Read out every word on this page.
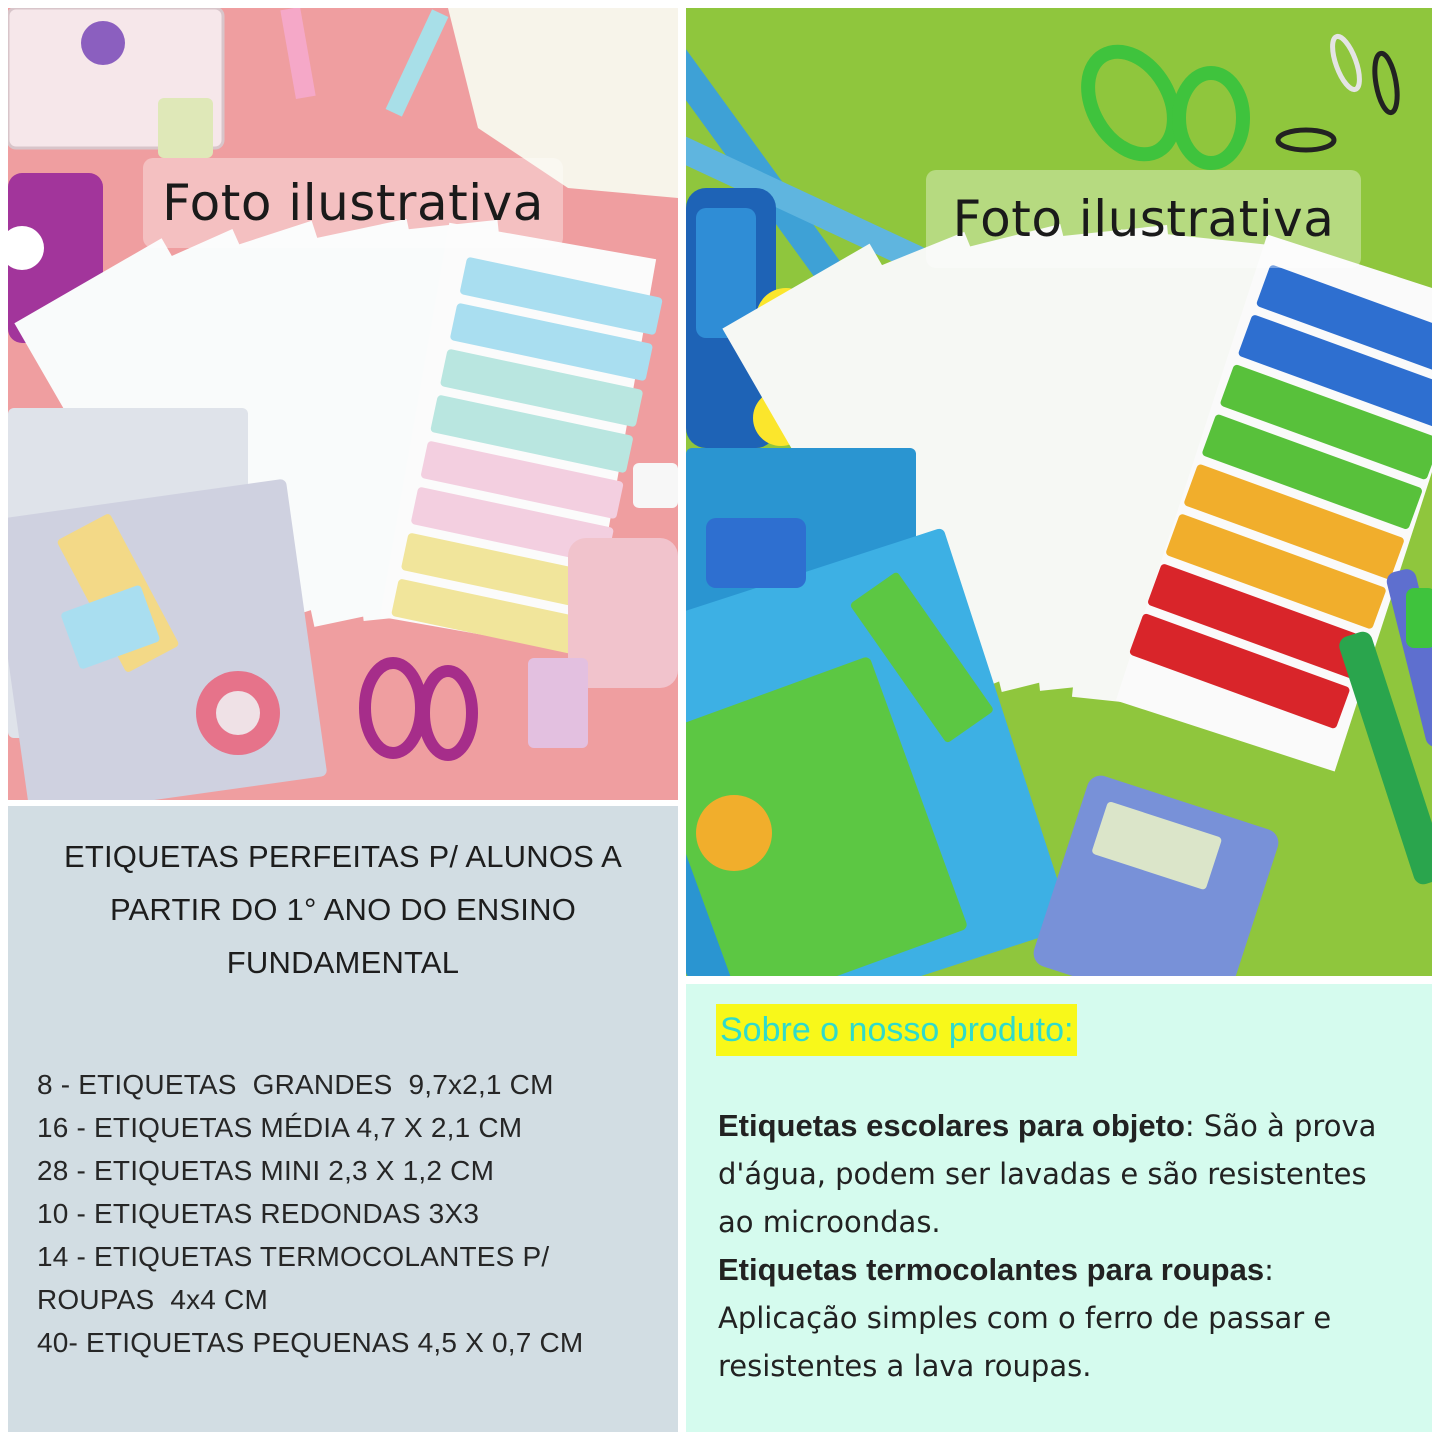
Foto ilustrativa	Foto ilustrativa
ETIQUETAS PERFEITAS P/ ALUNOS A PARTIR DO 1° ANO DO ENSINO FUNDAMENTAL
8 - ETIQUETAS  GRANDES  9,7x2,1 CM
16 - ETIQUETAS MÉDIA 4,7 X 2,1 CM
28 - ETIQUETAS MINI 2,3 X 1,2 CM
10 - ETIQUETAS REDONDAS 3X3
14 - ETIQUETAS TERMOCOLANTES P/ ROUPAS  4x4 CM
40- ETIQUETAS PEQUENAS 4,5 X 0,7 CM
Sobre o nosso produto:
Etiquetas escolares para objeto: São à prova d'água, podem ser lavadas e são resistentes ao microondas.
Etiquetas termocolantes para roupas: Aplicação simples com o ferro de passar e resistentes a lava roupas.
